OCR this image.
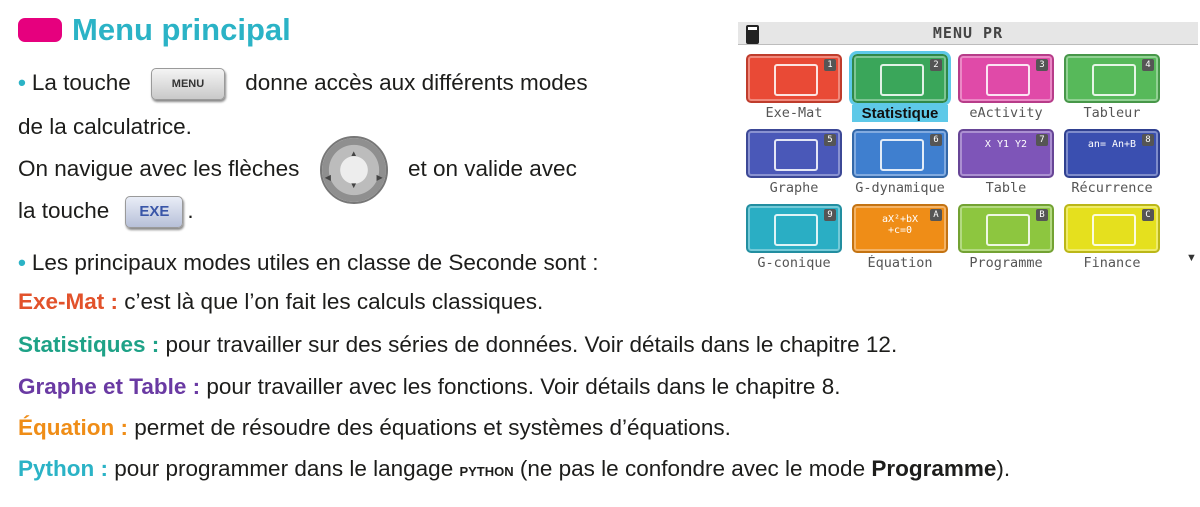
Menu principal
• La touche	MENU donne accès aux différents modes
de la calculatrice.
On navigue avec les flèches
▲
▼
◀	▶ et on valide avec
la touche EXE .
• Les principaux modes utiles en classe de Seconde sont :
Exe-Mat : c’est là que l’on fait les calculs classiques.
Statistiques : pour travailler sur des séries de données. Voir détails dans le chapitre 12.
Graphe et Table : pour travailler avec les fonctions. Voir détails dans le chapitre 8.
Équation : permet de résoudre des équations et systèmes d’équations.
Python : pour programmer dans le langage PYTHON (ne pas le confondre avec le mode Programme).
MENU PR
1
Exe-Mat
2
Statistique
3
eActivity
4
Tableur
5
Graphe
6
G-dynamique
X Y1 Y2	7
Table
an= An+B	8
Récurrence
9
G-conique
aX²+bX +c=0
A
Équation
B
Programme
C
Finance	▼
